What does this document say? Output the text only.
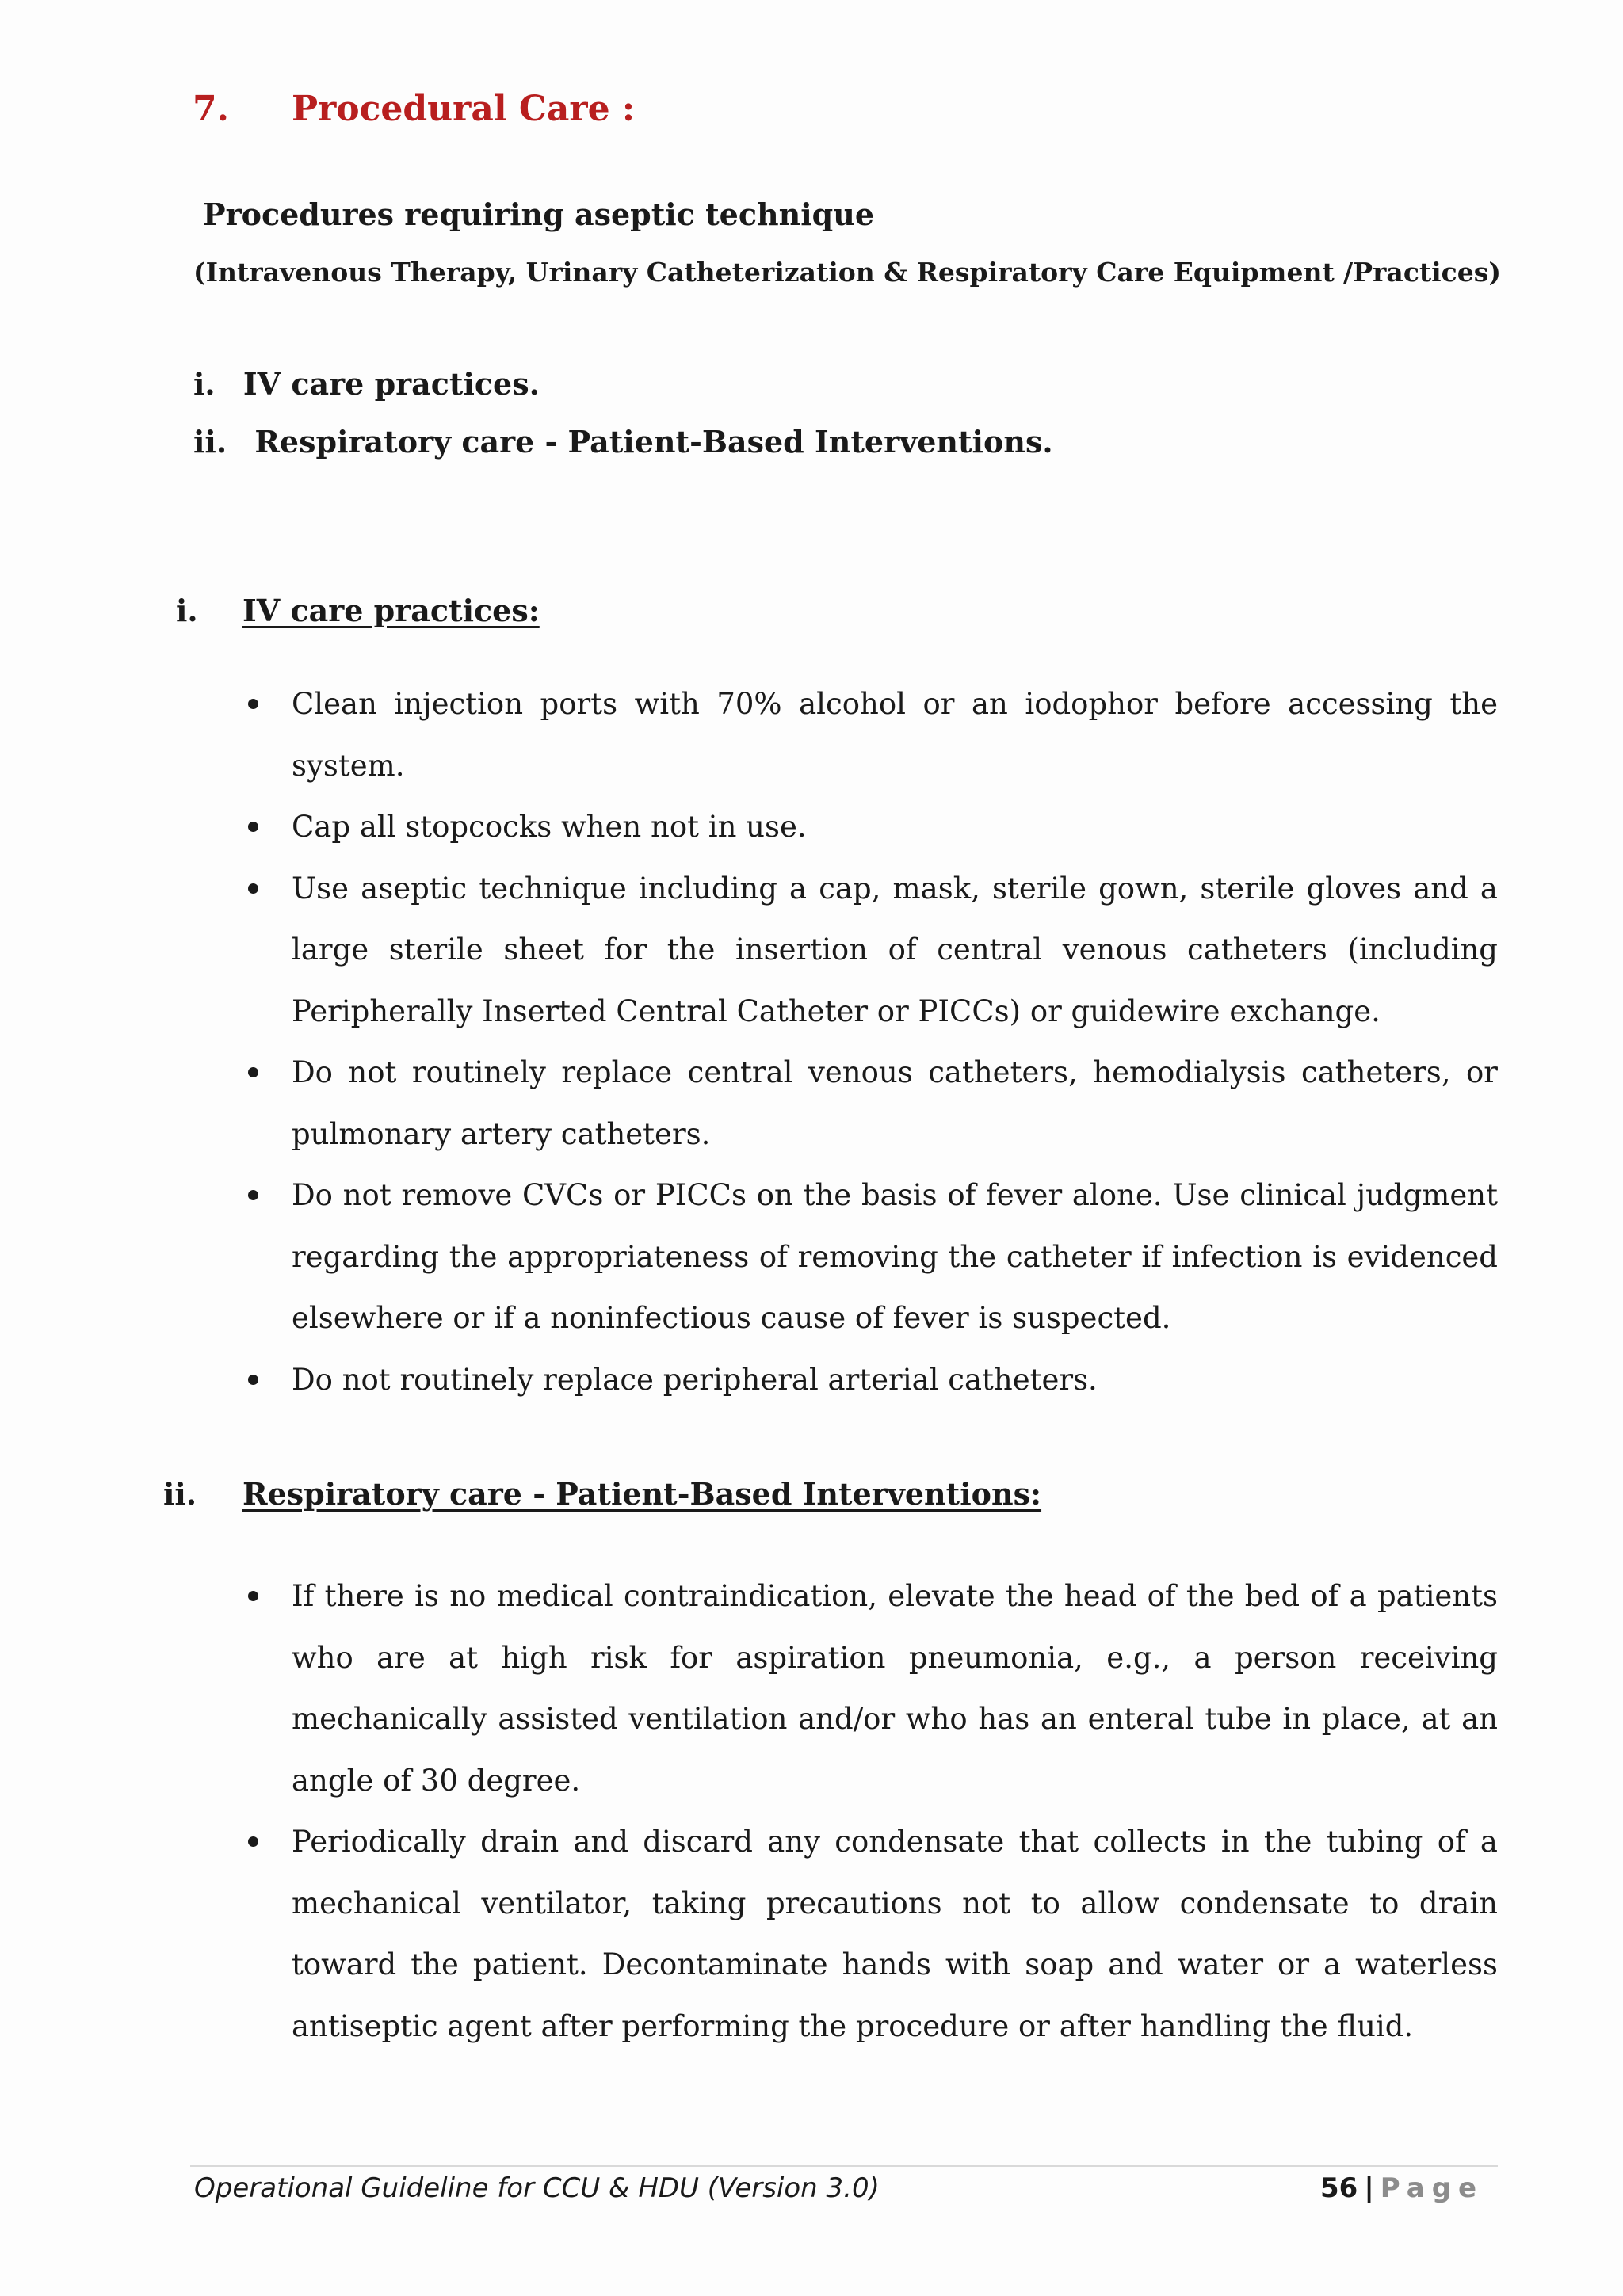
7. Procedural Care :
Procedures requiring aseptic technique
(Intravenous Therapy, Urinary Catheterization & Respiratory Care Equipment /Practices)
i. IV care practices.
ii. Respiratory care - Patient-Based Interventions.
i. IV care practices:
Clean injection ports with 70% alcohol or an iodophor before accessing the system.
Cap all stopcocks when not in use.
Use aseptic technique including a cap, mask, sterile gown, sterile gloves and a large sterile sheet for the insertion of central venous catheters (including Peripherally Inserted Central Catheter or PICCs) or guidewire exchange.
Do not routinely replace central venous catheters, hemodialysis catheters, or pulmonary artery catheters.
Do not remove CVCs or PICCs on the basis of fever alone. Use clinical judgment regarding the appropriateness of removing the catheter if infection is evidenced elsewhere or if a noninfectious cause of fever is suspected.
Do not routinely replace peripheral arterial catheters.
ii. Respiratory care - Patient-Based Interventions:
If there is no medical contraindication, elevate the head of the bed of a patients who are at high risk for aspiration pneumonia, e.g., a person receiving mechanically assisted ventilation and/or who has an enteral tube in place, at an angle of 30 degree.
Periodically drain and discard any condensate that collects in the tubing of a mechanical ventilator, taking precautions not to allow condensate to drain toward the patient. Decontaminate hands with soap and water or a waterless antiseptic agent after performing the procedure or after handling the fluid.
Operational Guideline for CCU & HDU (Version 3.0)	56 | Page
